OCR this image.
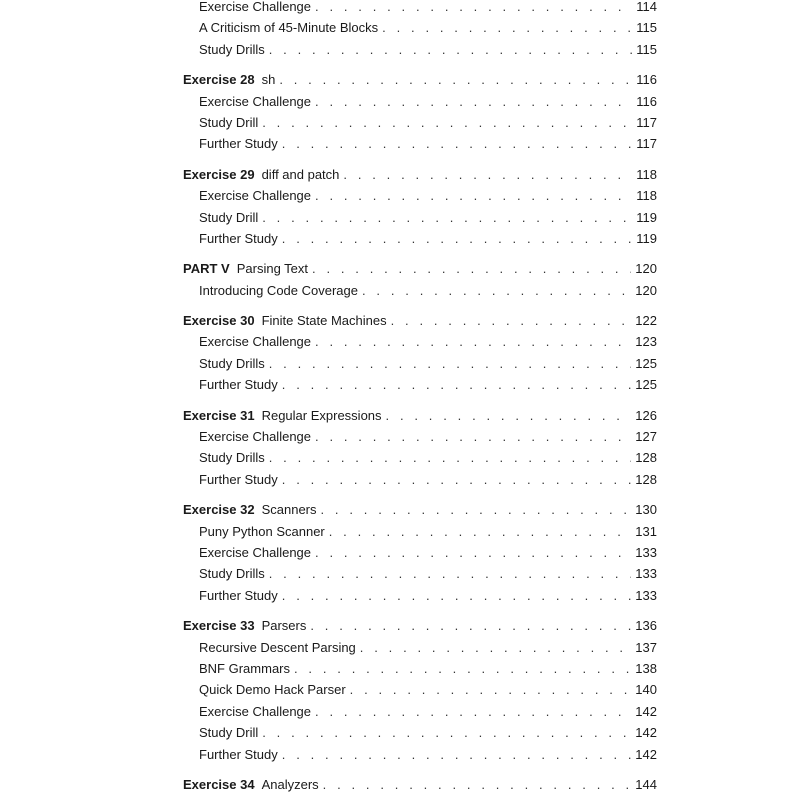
Exercise Challenge . . .	114
A Criticism of 45-Minute Blocks . . .	115
Study Drills . . .	115
Exercise 28 sh . . .	116
Exercise Challenge . . .	116
Study Drill . . .	117
Further Study . . .	117
Exercise 29 diff and patch . . .	118
Exercise Challenge . . .	118
Study Drill . . .	119
Further Study . . .	119
PART V Parsing Text . . .	120
Introducing Code Coverage . . .	120
Exercise 30 Finite State Machines . . .	122
Exercise Challenge . . .	123
Study Drills . . .	125
Further Study . . .	125
Exercise 31 Regular Expressions . . .	126
Exercise Challenge . . .	127
Study Drills . . .	128
Further Study . . .	128
Exercise 32 Scanners . . .	130
Puny Python Scanner . . .	131
Exercise Challenge . . .	133
Study Drills . . .	133
Further Study . . .	133
Exercise 33 Parsers . . .	136
Recursive Descent Parsing . . .	137
BNF Grammars . . .	138
Quick Demo Hack Parser . . .	140
Exercise Challenge . . .	142
Study Drill . . .	142
Further Study . . .	142
Exercise 34 Analyzers . . .	144
